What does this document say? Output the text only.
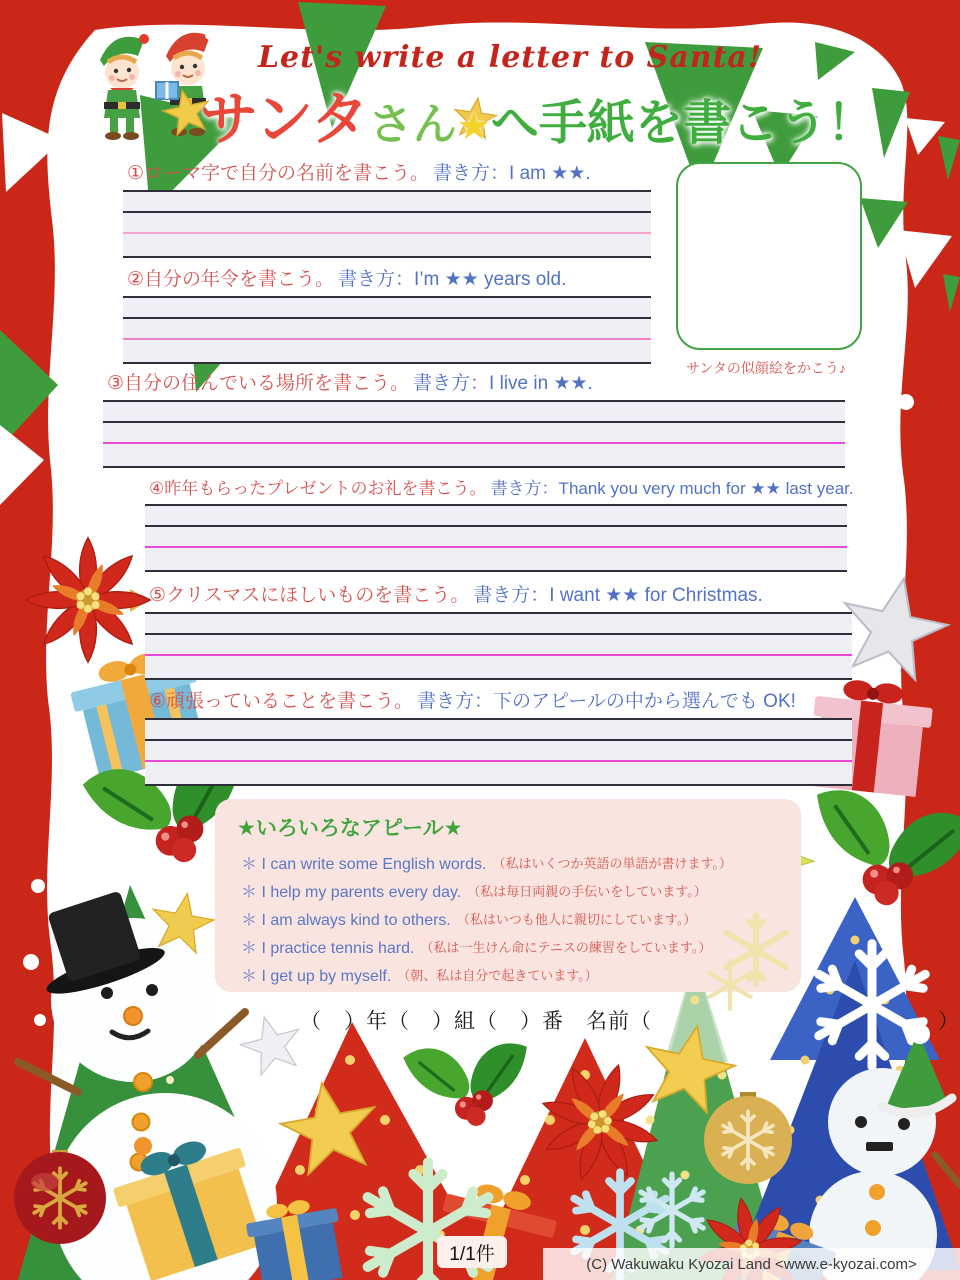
Let's write a letter to Santa!
サンタさん★へ手紙を書こう！
①ローマ字で自分の名前を書こう。 書き方：I am ★★.
②自分の年令を書こう。 書き方：I’m ★★ years old.
③自分の住んでいる場所を書こう。 書き方：I live in ★★.
④昨年もらったプレゼントのお礼を書こう。 書き方：Thank you very much for ★★ last year.
⑤クリスマスにほしいものを書こう。 書き方：I want ★★ for Christmas.
⑥頑張っていることを書こう。 書き方：下のアピールの中から選んでも OK!
サンタの似顔絵をかこう♪
★いろいろなアピール★
＊ I can write some English words. （私はいくつか英語の単語が書けます。）
＊ I help my parents every day. （私は毎日両親の手伝いをしています。）
＊ I am always kind to others. （私はいつも他人に親切にしています。）
＊ I practice tennis hard. （私は一生けん命にテニスの練習をしています。）
＊ I get up by myself. （朝、私は自分で起きています。）
（　）年（　）組（　）番　名前（　　　　　　　　　　　　　）
1/1件	(C) Wakuwaku Kyozai Land <www.e-kyozai.com>
